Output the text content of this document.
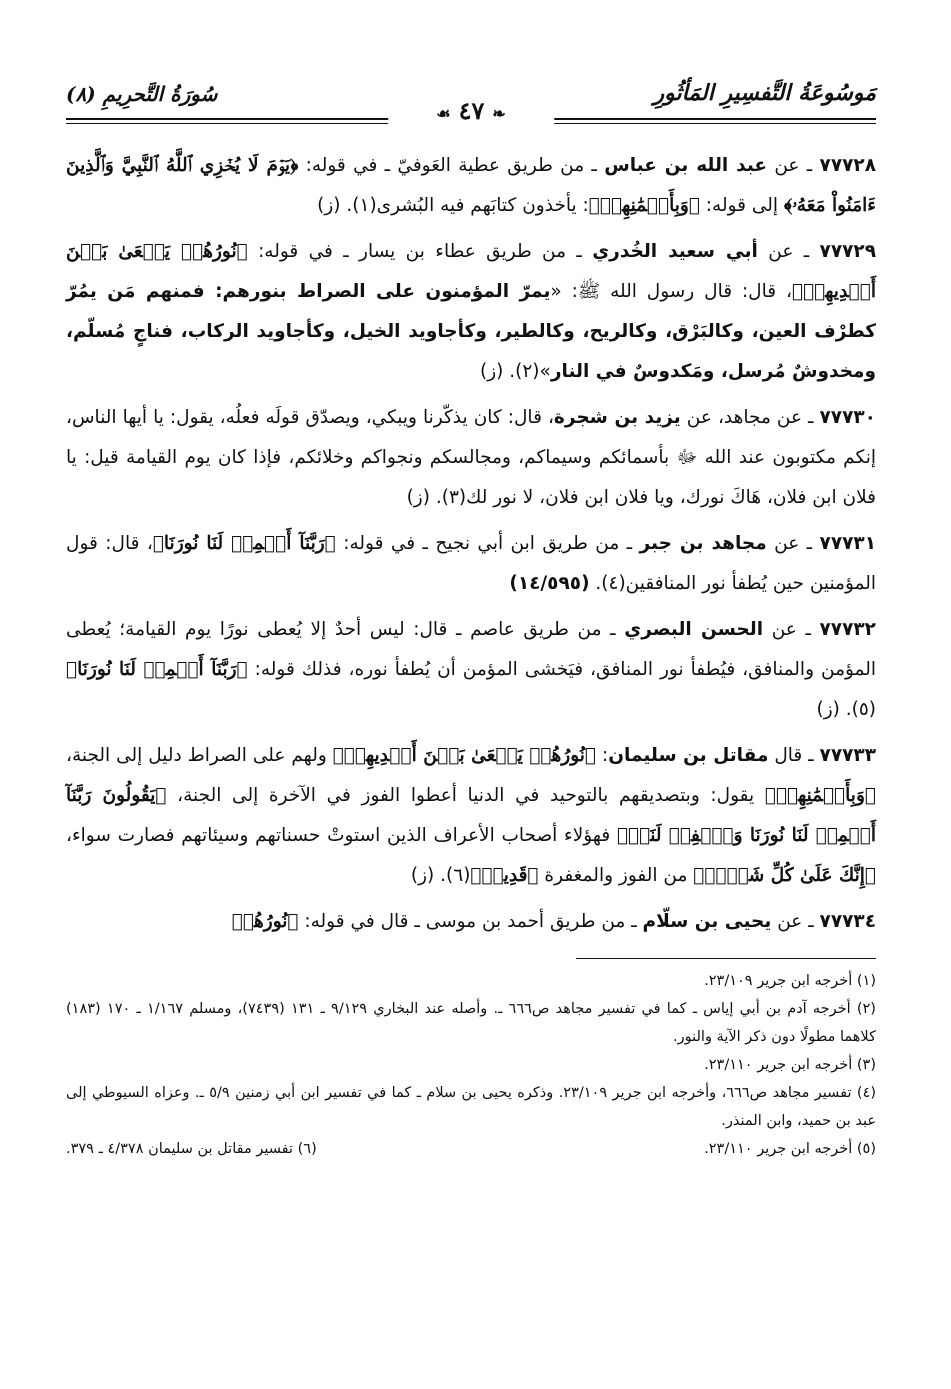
مَوسُوعَةُ التَّفسِيرِ المَأثُورِ
❧٤٧☙
سُورَةُ التَّحرِيمِ (٨)

٧٧٧٢٨ ـ عن عبد الله بن عباس ـ من طريق عطية العَوفيّ ـ في قوله: ﴿يَوۡمَ لَا يُخۡزِي ٱللَّهُ ٱلنَّبِيَّ وَٱلَّذِينَ ءَامَنُواْ مَعَهُۥ﴾ إلى قوله: ﴿وَبِأَيۡمَٰنِهِمۡ﴾: يأخذون كتابَهم فيه البُشرى(١). (ز)

٧٧٧٢٩ ـ عن أبي سعيد الخُدري ـ من طريق عطاء بن يسار ـ في قوله: ﴿نُورُهُمۡ يَسۡعَىٰ بَيۡنَ أَيۡدِيهِمۡ﴾، قال: قال رسول الله ﷺ: «يمرّ المؤمنون على الصراط بنورهم: فمنهم مَن يمُرّ كطرْف العين، وكالبَرْق، وكالريح، وكالطير، وكأجاويد الخيل، وكأجاويد الركاب، فناجٍ مُسلّم، ومخدوشٌ مُرسل، ومَكدوسٌ في النار»(٢). (ز)

٧٧٧٣٠ ـ عن مجاهد، عن يزيد بن شجرة، قال: كان يذكّرنا ويبكي، ويصدّق قولَه فعلُه، يقول: يا أيها الناس، إنكم مكتوبون عند الله ﷻ بأسمائكم وسيماكم، ومجالسكم ونجواكم وخلائكم، فإذا كان يوم القيامة قيل: يا فلان ابن فلان، هَاكَ نورك، ويا فلان ابن فلان، لا نور لك(٣). (ز)

٧٧٧٣١ ـ عن مجاهد بن جبر ـ من طريق ابن أبي نجيح ـ في قوله: ﴿رَبَّنَآ أَتۡمِمۡ لَنَا نُورَنَا﴾، قال: قول المؤمنين حين يُطفأ نور المنافقين(٤). (١٤/٥٩٥)

٧٧٧٣٢ ـ عن الحسن البصري ـ من طريق عاصم ـ قال: ليس أحدٌ إلا يُعطى نورًا يوم القيامة؛ يُعطى المؤمن والمنافق، فيُطفأ نور المنافق، فيَخشى المؤمن أن يُطفأ نوره، فذلك قوله: ﴿رَبَّنَآ أَتۡمِمۡ لَنَا نُورَنَا﴾(٥). (ز)

٧٧٧٣٣ ـ قال مقاتل بن سليمان: ﴿نُورُهُمۡ يَسۡعَىٰ بَيۡنَ أَيۡدِيهِمۡ﴾ ولهم على الصراط دليل إلى الجنة، ﴿وَبِأَيۡمَٰنِهِمۡ﴾ يقول: وبتصديقهم بالتوحيد في الدنيا أعطوا الفوز في الآخرة إلى الجنة، ﴿يَقُولُونَ رَبَّنَآ أَتۡمِمۡ لَنَا نُورَنَا وَٱغۡفِرۡ لَنَآۖ﴾ فهؤلاء أصحاب الأعراف الذين استوتْ حسناتهم وسيئاتهم فصارت سواء، ﴿إِنَّكَ عَلَىٰ كُلِّ شَيۡءٖ﴾ من الفوز والمغفرة ﴿قَدِيرٞ﴾(٦). (ز)

٧٧٧٣٤ ـ عن يحيى بن سلّام ـ من طريق أحمد بن موسى ـ قال في قوله: ﴿نُورُهُمۡ

(١) أخرجه ابن جرير ٢٣/١٠٩.

(٢) أخرجه آدم بن أبي إياس ـ كما في تفسير مجاهد ص٦٦٦ ـ. وأصله عند البخاري ٩/١٢٩ ـ ١٣١ (٧٤٣٩)، ومسلم ١/١٦٧ ـ ١٧٠ (١٨٣) كلاهما مطولًا دون ذكر الآية والنور.

(٣) أخرجه ابن جرير ٢٣/١١٠.

(٤) تفسير مجاهد ص٦٦٦، وأخرجه ابن جرير ٢٣/١٠٩. وذكره يحيى بن سلام ـ كما في تفسير ابن أبي زمنين ٥/٩ ـ. وعزاه السيوطي إلى عبد بن حميد، وابن المنذر.

(٥) أخرجه ابن جرير ٢٣/١١٠.
(٦) تفسير مقاتل بن سليمان ٤/٣٧٨ ـ ٣٧٩.
